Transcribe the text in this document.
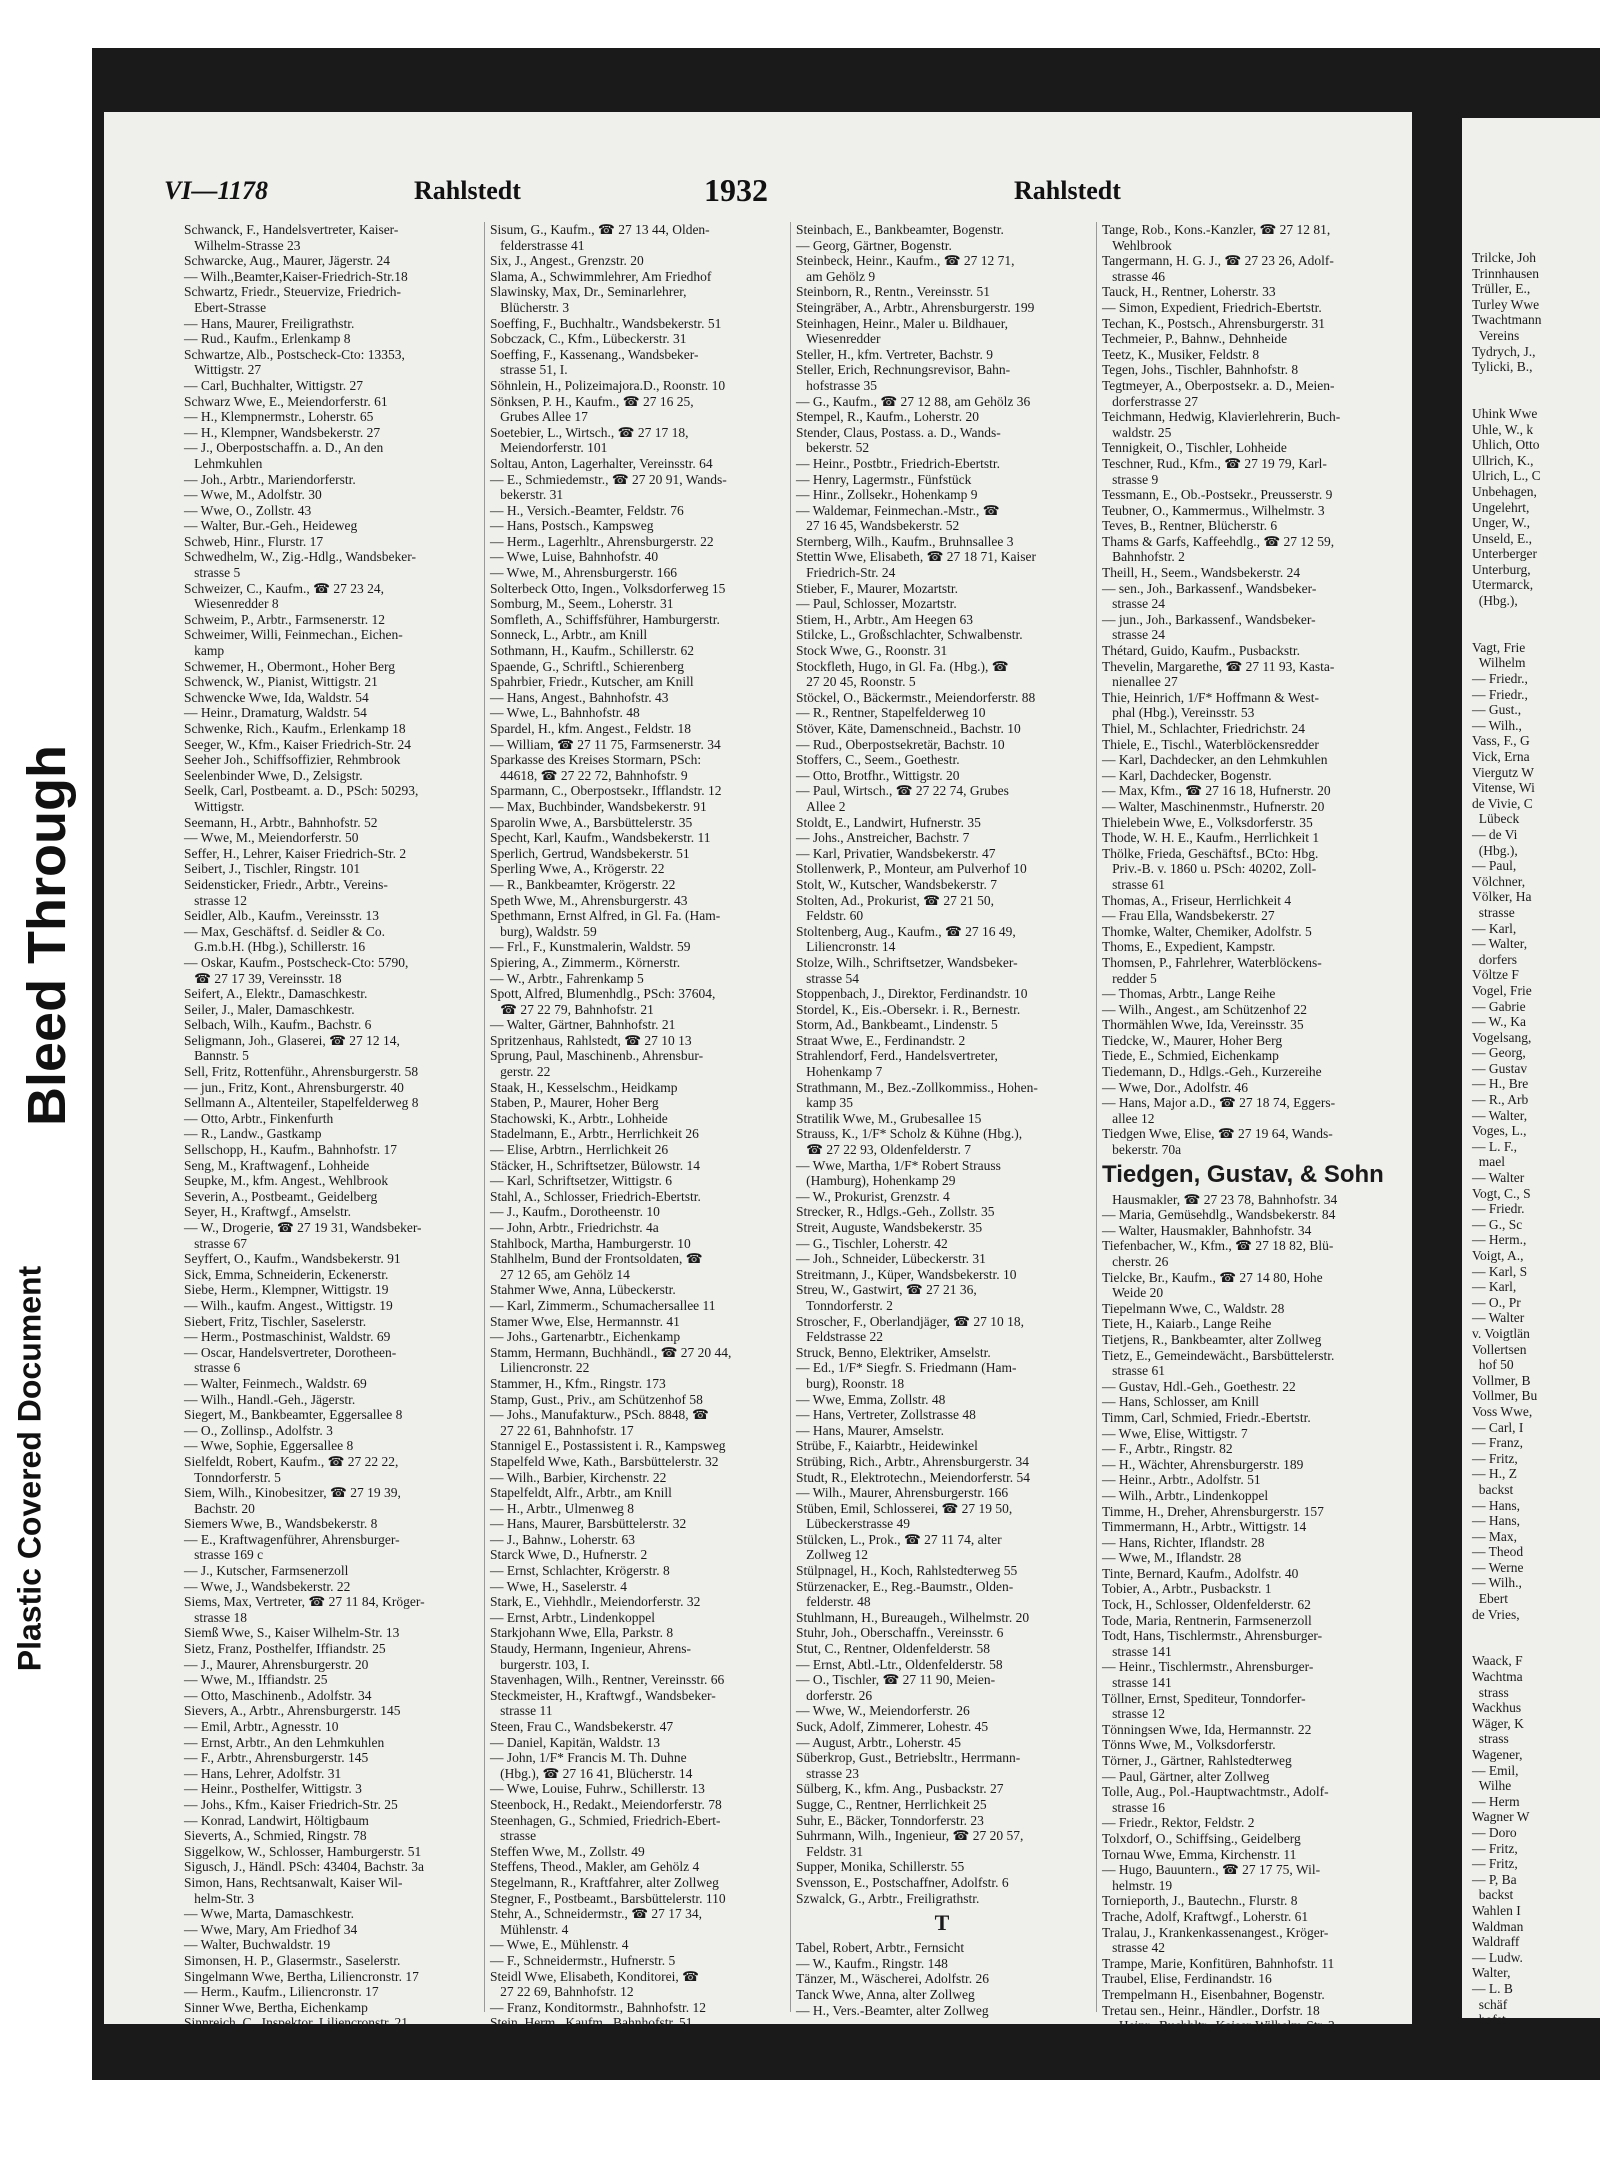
Bleed Through
Plastic Covered Document
VI—1178	Rahlstedt	1932	Rahlstedt
Schwanck, F., Handelsvertreter, Kaiser-
Wilhelm-Strasse 23
Schwarcke, Aug., Maurer, Jägerstr. 24
— Wilh.,Beamter,Kaiser-Friedrich-Str.18
Schwartz, Friedr., Steuervize, Friedrich-
Ebert-Strasse
— Hans, Maurer, Freiligrathstr.
— Rud., Kaufm., Erlenkamp 8
Schwartze, Alb., Postscheck-Cto: 13353,
Wittigstr. 27
— Carl, Buchhalter, Wittigstr. 27
Schwarz Wwe, E., Meiendorferstr. 61
— H., Klempnermstr., Loherstr. 65
— H., Klempner, Wandsbekerstr. 27
— J., Oberpostschaffn. a. D., An den
Lehmkuhlen
— Joh., Arbtr., Mariendorferstr.
— Wwe, M., Adolfstr. 30
— Wwe, O., Zollstr. 43
— Walter, Bur.-Geh., Heideweg
Schweb, Hinr., Flurstr. 17
Schwedhelm, W., Zig.-Hdlg., Wandsbeker-
strasse 5
Schweizer, C., Kaufm., ☎ 27 23 24,
Wiesenredder 8
Schweim, P., Arbtr., Farmsenerstr. 12
Schweimer, Willi, Feinmechan., Eichen-
kamp
Schwemer, H., Obermont., Hoher Berg
Schwenck, W., Pianist, Wittigstr. 21
Schwencke Wwe, Ida, Waldstr. 54
— Heinr., Dramaturg, Waldstr. 54
Schwenke, Rich., Kaufm., Erlenkamp 18
Seeger, W., Kfm., Kaiser Friedrich-Str. 24
Seeher Joh., Schiffsoffizier, Rehmbrook
Seelenbinder Wwe, D., Zelsigstr.
Seelk, Carl, Postbeamt. a. D., PSch: 50293,
Wittigstr.
Seemann, H., Arbtr., Bahnhofstr. 52
— Wwe, M., Meiendorferstr. 50
Seffer, H., Lehrer, Kaiser Friedrich-Str. 2
Seibert, J., Tischler, Ringstr. 101
Seidensticker, Friedr., Arbtr., Vereins-
strasse 12
Seidler, Alb., Kaufm., Vereinsstr. 13
— Max, Geschäftsf. d. Seidler & Co.
G.m.b.H. (Hbg.), Schillerstr. 16
— Oskar, Kaufm., Postscheck-Cto: 5790,
☎ 27 17 39, Vereinsstr. 18
Seifert, A., Elektr., Damaschkestr.
Seiler, J., Maler, Damaschkestr.
Selbach, Wilh., Kaufm., Bachstr. 6
Seligmann, Joh., Glaserei, ☎ 27 12 14,
Bannstr. 5
Sell, Fritz, Rottenführ., Ahrensburgerstr. 58
— jun., Fritz, Kont., Ahrensburgerstr. 40
Sellmann A., Altenteiler, Stapelfelderweg 8
— Otto, Arbtr., Finkenfurth
— R., Landw., Gastkamp
Sellschopp, H., Kaufm., Bahnhofstr. 17
Seng, M., Kraftwagenf., Lohheide
Seupke, M., kfm. Angest., Wehlbrook
Severin, A., Postbeamt., Geidelberg
Seyer, H., Kraftwgf., Amselstr.
— W., Drogerie, ☎ 27 19 31, Wandsbeker-
strasse 67
Seyffert, O., Kaufm., Wandsbekerstr. 91
Sick, Emma, Schneiderin, Eckenerstr.
Siebe, Herm., Klempner, Wittigstr. 19
— Wilh., kaufm. Angest., Wittigstr. 19
Siebert, Fritz, Tischler, Saselerstr.
— Herm., Postmaschinist, Waldstr. 69
— Oscar, Handelsvertreter, Dorotheen-
strasse 6
— Walter, Feinmech., Waldstr. 69
— Wilh., Handl.-Geh., Jägerstr.
Siegert, M., Bankbeamter, Eggersallee 8
— O., Zollinsp., Adolfstr. 3
— Wwe, Sophie, Eggersallee 8
Sielfeldt, Robert, Kaufm., ☎ 27 22 22,
Tonndorferstr. 5
Siem, Wilh., Kinobesitzer, ☎ 27 19 39,
Bachstr. 20
Siemers Wwe, B., Wandsbekerstr. 8
— E., Kraftwagenführer, Ahrensburger-
strasse 169 c
— J., Kutscher, Farmsenerzoll
— Wwe, J., Wandsbekerstr. 22
Siems, Max, Vertreter, ☎ 27 11 84, Kröger-
strasse 18
Siemß Wwe, S., Kaiser Wilhelm-Str. 13
Sietz, Franz, Posthelfer, Iffiandstr. 25
— J., Maurer, Ahrensburgerstr. 20
— Wwe, M., Iffiandstr. 25
— Otto, Maschinenb., Adolfstr. 34
Sievers, A., Arbtr., Ahrensburgerstr. 145
— Emil, Arbtr., Agnesstr. 10
— Ernst, Arbtr., An den Lehmkuhlen
— F., Arbtr., Ahrensburgerstr. 145
— Hans, Lehrer, Adolfstr. 31
— Heinr., Posthelfer, Wittigstr. 3
— Johs., Kfm., Kaiser Friedrich-Str. 25
— Konrad, Landwirt, Höltigbaum
Sieverts, A., Schmied, Ringstr. 78
Siggelkow, W., Schlosser, Hamburgerstr. 51
Sigusch, J., Händl. PSch: 43404, Bachstr. 3a
Simon, Hans, Rechtsanwalt, Kaiser Wil-
helm-Str. 3
— Wwe, Marta, Damaschkestr.
— Wwe, Mary, Am Friedhof 34
— Walter, Buchwaldstr. 19
Simonsen, H. P., Glasermstr., Saselerstr.
Singelmann Wwe, Bertha, Liliencronstr. 17
— Herm., Kaufm., Liliencronstr. 17
Sinner Wwe, Bertha, Eichenkamp
Sinnreich, C., Inspektor, Liliencronstr. 21
Sisum, G., Kaufm., ☎ 27 13 44, Olden-
felderstrasse 41
Six, J., Angest., Grenzstr. 20
Slama, A., Schwimmlehrer, Am Friedhof
Slawinsky, Max, Dr., Seminarlehrer,
Blücherstr. 3
Soeffing, F., Buchhaltr., Wandsbekerstr. 51
Sobczack, C., Kfm., Lübeckerstr. 31
Soeffing, F., Kassenang., Wandsbeker-
strasse 51, I.
Söhnlein, H., Polizeimajora.D., Roonstr. 10
Sönksen, P. H., Kaufm., ☎ 27 16 25,
Grubes Allee 17
Soetebier, L., Wirtsch., ☎ 27 17 18,
Meiendorferstr. 101
Soltau, Anton, Lagerhalter, Vereinsstr. 64
— E., Schmiedemstr., ☎ 27 20 91, Wands-
bekerstr. 31
— H., Versich.-Beamter, Feldstr. 76
— Hans, Postsch., Kampsweg
— Herm., Lagerhltr., Ahrensburgerstr. 22
— Wwe, Luise, Bahnhofstr. 40
— Wwe, M., Ahrensburgerstr. 166
Solterbeck Otto, Ingen., Volksdorferweg 15
Somburg, M., Seem., Loherstr. 31
Somfleth, A., Schiffsführer, Hamburgerstr.
Sonneck, L., Arbtr., am Knill
Sothmann, H., Kaufm., Schillerstr. 62
Spaende, G., Schriftl., Schierenberg
Spahrbier, Friedr., Kutscher, am Knill
— Hans, Angest., Bahnhofstr. 43
— Wwe, L., Bahnhofstr. 48
Spardel, H., kfm. Angest., Feldstr. 18
— William, ☎ 27 11 75, Farmsenerstr. 34
Sparkasse des Kreises Stormarn, PSch:
44618, ☎ 27 22 72, Bahnhofstr. 9
Sparmann, C., Oberpostsekr., Ifflandstr. 12
— Max, Buchbinder, Wandsbekerstr. 91
Sparolin Wwe, A., Barsbüttelerstr. 35
Specht, Karl, Kaufm., Wandsbekerstr. 11
Sperlich, Gertrud, Wandsbekerstr. 51
Sperling Wwe, A., Krögerstr. 22
— R., Bankbeamter, Krögerstr. 22
Speth Wwe, M., Ahrensburgerstr. 43
Spethmann, Ernst Alfred, in Gl. Fa. (Ham-
burg), Waldstr. 59
— Frl., F., Kunstmalerin, Waldstr. 59
Spiering, A., Zimmerm., Körnerstr.
— W., Arbtr., Fahrenkamp 5
Spott, Alfred, Blumenhdlg., PSch: 37604,
☎ 27 22 79, Bahnhofstr. 21
— Walter, Gärtner, Bahnhofstr. 21
Spritzenhaus, Rahlstedt, ☎ 27 10 13
Sprung, Paul, Maschinenb., Ahrensbur-
gerstr. 22
Staak, H., Kesselschm., Heidkamp
Staben, P., Maurer, Hoher Berg
Stachowski, K., Arbtr., Lohheide
Stadelmann, E., Arbtr., Herrlichkeit 26
— Elise, Arbtrn., Herrlichkeit 26
Stäcker, H., Schriftsetzer, Bülowstr. 14
— Karl, Schriftsetzer, Wittigstr. 6
Stahl, A., Schlosser, Friedrich-Ebertstr.
— J., Kaufm., Dorotheenstr. 10
— John, Arbtr., Friedrichstr. 4a
Stahlbock, Martha, Hamburgerstr. 10
Stahlhelm, Bund der Frontsoldaten, ☎
27 12 65, am Gehölz 14
Stahmer Wwe, Anna, Lübeckerstr.
— Karl, Zimmerm., Schumachersallee 11
Stamer Wwe, Else, Hermannstr. 41
— Johs., Gartenarbtr., Eichenkamp
Stamm, Hermann, Buchhändl., ☎ 27 20 44,
Liliencronstr. 22
Stammer, H., Kfm., Ringstr. 173
Stamp, Gust., Priv., am Schützenhof 58
— Johs., Manufakturw., PSch. 8848, ☎
27 22 61, Bahnhofstr. 17
Stannigel E., Postassistent i. R., Kampsweg
Stapelfeld Wwe, Kath., Barsbüttelerstr. 32
— Wilh., Barbier, Kirchenstr. 22
Stapelfeldt, Alfr., Arbtr., am Knill
— H., Arbtr., Ulmenweg 8
— Hans, Maurer, Barsbüttelerstr. 32
— J., Bahnw., Loherstr. 63
Starck Wwe, D., Hufnerstr. 2
— Ernst, Schlachter, Krögerstr. 8
— Wwe, H., Saselerstr. 4
Stark, E., Viehhdlr., Meiendorferstr. 32
— Ernst, Arbtr., Lindenkoppel
Starkjohann Wwe, Ella, Parkstr. 8
Staudy, Hermann, Ingenieur, Ahrens-
burgerstr. 103, I.
Stavenhagen, Wilh., Rentner, Vereinsstr. 66
Steckmeister, H., Kraftwgf., Wandsbeker-
strasse 11
Steen, Frau C., Wandsbekerstr. 47
— Daniel, Kapitän, Waldstr. 13
— John, 1/F* Francis M. Th. Duhne
(Hbg.), ☎ 27 16 41, Blücherstr. 14
— Wwe, Louise, Fuhrw., Schillerstr. 13
Steenbock, H., Redakt., Meiendorferstr. 78
Steenhagen, G., Schmied, Friedrich-Ebert-
strasse
Steffen Wwe, M., Zollstr. 49
Steffens, Theod., Makler, am Gehölz 4
Stegelmann, R., Kraftfahrer, alter Zollweg
Stegner, F., Postbeamt., Barsbüttelerstr. 110
Stehr, A., Schneidermstr., ☎ 27 17 34,
Mühlenstr. 4
— Wwe, E., Mühlenstr. 4
— F., Schneidermstr., Hufnerstr. 5
Steidl Wwe, Elisabeth, Konditorei, ☎
27 22 69, Bahnhofstr. 12
— Franz, Konditormstr., Bahnhofstr. 12
Stein, Herm., Kaufm., Bahnhofstr. 51
Steinbach, E., Bankbeamter, Bogenstr.
— Georg, Gärtner, Bogenstr.
Steinbeck, Heinr., Kaufm., ☎ 27 12 71,
am Gehölz 9
Steinborn, R., Rentn., Vereinsstr. 51
Steingräber, A., Arbtr., Ahrensburgerstr. 199
Steinhagen, Heinr., Maler u. Bildhauer,
Wiesenredder
Steller, H., kfm. Vertreter, Bachstr. 9
Steller, Erich, Rechnungsrevisor, Bahn-
hofstrasse 35
— G., Kaufm., ☎ 27 12 88, am Gehölz 36
Stempel, R., Kaufm., Loherstr. 20
Stender, Claus, Postass. a. D., Wands-
bekerstr. 52
— Heinr., Postbtr., Friedrich-Ebertstr.
— Henry, Lagermstr., Fünfstück
— Hinr., Zollsekr., Hohenkamp 9
— Waldemar, Feinmechan.-Mstr., ☎
27 16 45, Wandsbekerstr. 52
Sternberg, Wilh., Kaufm., Bruhnsallee 3
Stettin Wwe, Elisabeth, ☎ 27 18 71, Kaiser
Friedrich-Str. 24
Stieber, F., Maurer, Mozartstr.
— Paul, Schlosser, Mozartstr.
Stiem, H., Arbtr., Am Heegen 63
Stilcke, L., Großschlachter, Schwalbenstr.
Stock Wwe, G., Roonstr. 31
Stockfleth, Hugo, in Gl. Fa. (Hbg.), ☎
27 20 45, Roonstr. 5
Stöckel, O., Bäckermstr., Meiendorferstr. 88
— R., Rentner, Stapelfelderweg 10
Stöver, Käte, Damenschneid., Bachstr. 10
— Rud., Oberpostsekretär, Bachstr. 10
Stoffers, C., Seem., Goethestr.
— Otto, Brotfhr., Wittigstr. 20
— Paul, Wirtsch., ☎ 27 22 74, Grubes
Allee 2
Stoldt, E., Landwirt, Hufnerstr. 35
— Johs., Anstreicher, Bachstr. 7
— Karl, Privatier, Wandsbekerstr. 47
Stollenwerk, P., Monteur, am Pulverhof 10
Stolt, W., Kutscher, Wandsbekerstr. 7
Stolten, Ad., Prokurist, ☎ 27 21 50,
Feldstr. 60
Stoltenberg, Aug., Kaufm., ☎ 27 16 49,
Liliencronstr. 14
Stolze, Wilh., Schriftsetzer, Wandsbeker-
strasse 54
Stoppenbach, J., Direktor, Ferdinandstr. 10
Stordel, K., Eis.-Obersekr. i. R., Bernestr.
Storm, Ad., Bankbeamt., Lindenstr. 5
Straat Wwe, E., Ferdinandstr. 2
Strahlendorf, Ferd., Handelsvertreter,
Hohenkamp 7
Strathmann, M., Bez.-Zollkommiss., Hohen-
kamp 35
Stratilik Wwe, M., Grubesallee 15
Strauss, K., 1/F* Scholz & Kühne (Hbg.),
☎ 27 22 93, Oldenfelderstr. 7
— Wwe, Martha, 1/F* Robert Strauss
(Hamburg), Hohenkamp 29
— W., Prokurist, Grenzstr. 4
Strecker, R., Hdlgs.-Geh., Zollstr. 35
Streit, Auguste, Wandsbekerstr. 35
— G., Tischler, Loherstr. 42
— Joh., Schneider, Lübeckerstr. 31
Streitmann, J., Küper, Wandsbekerstr. 10
Streu, W., Gastwirt, ☎ 27 21 36,
Tonndorferstr. 2
Stroscher, F., Oberlandjäger, ☎ 27 10 18,
Feldstrasse 22
Struck, Benno, Elektriker, Amselstr.
— Ed., 1/F* Siegfr. S. Friedmann (Ham-
burg), Roonstr. 18
— Wwe, Emma, Zollstr. 48
— Hans, Vertreter, Zollstrasse 48
— Hans, Maurer, Amselstr.
Strübe, F., Kaiarbtr., Heidewinkel
Strübing, Rich., Arbtr., Ahrensburgerstr. 34
Studt, R., Elektrotechn., Meiendorferstr. 54
— Wilh., Maurer, Ahrensburgerstr. 166
Stüben, Emil, Schlosserei, ☎ 27 19 50,
Lübeckerstrasse 49
Stülcken, L., Prok., ☎ 27 11 74, alter
Zollweg 12
Stülpnagel, H., Koch, Rahlstedterweg 55
Stürzenacker, E., Reg.-Baumstr., Olden-
felderstr. 48
Stuhlmann, H., Bureaugeh., Wilhelmstr. 20
Stuhr, Joh., Oberschaffn., Vereinsstr. 6
Stut, C., Rentner, Oldenfelderstr. 58
— Ernst, Abtl.-Ltr., Oldenfelderstr. 58
— O., Tischler, ☎ 27 11 90, Meien-
dorferstr. 26
— Wwe, W., Meiendorferstr. 26
Suck, Adolf, Zimmerer, Lohestr. 45
— August, Arbtr., Loherstr. 45
Süberkrop, Gust., Betriebsltr., Herrmann-
strasse 23
Sülberg, K., kfm. Ang., Pusbackstr. 27
Sugge, C., Rentner, Herrlichkeit 25
Suhr, E., Bäcker, Tonndorferstr. 23
Suhrmann, Wilh., Ingenieur, ☎ 27 20 57,
Feldstr. 31
Supper, Monika, Schillerstr. 55
Svensson, E., Postschaffner, Adolfstr. 6
Szwalck, G., Arbtr., Freiligrathstr.
T
Tabel, Robert, Arbtr., Fernsicht
— W., Kaufm., Ringstr. 148
Tänzer, M., Wäscherei, Adolfstr. 26
Tanck Wwe, Anna, alter Zollweg
— H., Vers.-Beamter, alter Zollweg
Tange, Rob., Kons.-Kanzler, ☎ 27 12 81,
Wehlbrook
Tangermann, H. G. J., ☎ 27 23 26, Adolf-
strasse 46
Tauck, H., Rentner, Loherstr. 33
— Simon, Expedient, Friedrich-Ebertstr.
Techan, K., Postsch., Ahrensburgerstr. 31
Techmeier, P., Bahnw., Dehnheide
Teetz, K., Musiker, Feldstr. 8
Tegen, Johs., Tischler, Bahnhofstr. 8
Tegtmeyer, A., Oberpostsekr. a. D., Meien-
dorferstrasse 27
Teichmann, Hedwig, Klavierlehrerin, Buch-
waldstr. 25
Tennigkeit, O., Tischler, Lohheide
Teschner, Rud., Kfm., ☎ 27 19 79, Karl-
strasse 9
Tessmann, E., Ob.-Postsekr., Preusserstr. 9
Teubner, O., Kammermus., Wilhelmstr. 3
Teves, B., Rentner, Blücherstr. 6
Thams & Garfs, Kaffeehdlg., ☎ 27 12 59,
Bahnhofstr. 2
Theill, H., Seem., Wandsbekerstr. 24
— sen., Joh., Barkassenf., Wandsbeker-
strasse 24
— jun., Joh., Barkassenf., Wandsbeker-
strasse 24
Thétard, Guido, Kaufm., Pusbackstr.
Thevelin, Margarethe, ☎ 27 11 93, Kasta-
nienallee 27
Thie, Heinrich, 1/F* Hoffmann & West-
phal (Hbg.), Vereinsstr. 53
Thiel, M., Schlachter, Friedrichstr. 24
Thiele, E., Tischl., Waterblöckensredder
— Karl, Dachdecker, an den Lehmkuhlen
— Karl, Dachdecker, Bogenstr.
— Max, Kfm., ☎ 27 16 18, Hufnerstr. 20
— Walter, Maschinenmstr., Hufnerstr. 20
Thielebein Wwe, E., Volksdorferstr. 35
Thode, W. H. E., Kaufm., Herrlichkeit 1
Thölke, Frieda, Geschäftsf., BCto: Hbg.
Priv.-B. v. 1860 u. PSch: 40202, Zoll-
strasse 61
Thomas, A., Friseur, Herrlichkeit 4
— Frau Ella, Wandsbekerstr. 27
Thomke, Walter, Chemiker, Adolfstr. 5
Thoms, E., Expedient, Kampstr.
Thomsen, P., Fahrlehrer, Waterblöckens-
redder 5
— Thomas, Arbtr., Lange Reihe
— Wilh., Angest., am Schützenhof 22
Thormählen Wwe, Ida, Vereinsstr. 35
Tiedcke, W., Maurer, Hoher Berg
Tiede, E., Schmied, Eichenkamp
Tiedemann, D., Hdlgs.-Geh., Kurzereihe
— Wwe, Dor., Adolfstr. 46
— Hans, Major a.D., ☎ 27 18 74, Eggers-
allee 12
Tiedgen Wwe, Elise, ☎ 27 19 64, Wands-
bekerstr. 70a
Tiedgen, Gustav, & Sohn
Hausmakler, ☎ 27 23 78, Bahnhofstr. 34
— Maria, Gemüsehdlg., Wandsbekerstr. 84
— Walter, Hausmakler, Bahnhofstr. 34
Tiefenbacher, W., Kfm., ☎ 27 18 82, Blü-
cherstr. 26
Tielcke, Br., Kaufm., ☎ 27 14 80, Hohe
Weide 20
Tiepelmann Wwe, C., Waldstr. 28
Tiete, H., Kaiarb., Lange Reihe
Tietjens, R., Bankbeamter, alter Zollweg
Tietz, E., Gemeindewächt., Barsbüttelerstr.
strasse 61
— Gustav, Hdl.-Geh., Goethestr. 22
— Hans, Schlosser, am Knill
Timm, Carl, Schmied, Friedr.-Ebertstr.
— Wwe, Elise, Wittigstr. 7
— F., Arbtr., Ringstr. 82
— H., Wächter, Ahrensburgerstr. 189
— Heinr., Arbtr., Adolfstr. 51
— Wilh., Arbtr., Lindenkoppel
Timme, H., Dreher, Ahrensburgerstr. 157
Timmermann, H., Arbtr., Wittigstr. 14
— Hans, Richter, Iflandstr. 28
— Wwe, M., Iflandstr. 28
Tinte, Bernard, Kaufm., Adolfstr. 40
Tobier, A., Arbtr., Pusbackstr. 1
Tock, H., Schlosser, Oldenfelderstr. 62
Tode, Maria, Rentnerin, Farmsenerzoll
Todt, Hans, Tischlermstr., Ahrensburger-
strasse 141
— Heinr., Tischlermstr., Ahrensburger-
strasse 141
Töllner, Ernst, Spediteur, Tonndorfer-
strasse 12
Tönningsen Wwe, Ida, Hermannstr. 22
Tönns Wwe, M., Volksdorferstr.
Törner, J., Gärtner, Rahlstedterweg
— Paul, Gärtner, alter Zollweg
Tolle, Aug., Pol.-Hauptwachtmstr., Adolf-
strasse 16
— Friedr., Rektor, Feldstr. 2
Tolxdorf, O., Schiffsing., Geidelberg
Tornau Wwe, Emma, Kirchenstr. 11
— Hugo, Bauuntern., ☎ 27 17 75, Wil-
helmstr. 19
Tornieporth, J., Bautechn., Flurstr. 8
Trache, Adolf, Kraftwgf., Loherstr. 61
Tralau, J., Krankenkassenangest., Kröger-
strasse 42
Trampe, Marie, Konfitüren, Bahnhofstr. 11
Traubel, Elise, Ferdinandstr. 16
Trempelmann H., Eisenbahner, Bogenstr.
Tretau sen., Heinr., Händler., Dorfstr. 18
— Heinr., Buchhltr., Kaiser-Wilhelm-Str. 2
Trilcke, Joh
Trinnhausen
Trüller, E.,
Turley Wwe
Twachtmann
Vereins
Tydrych, J.,
Tylicki, B.,

Uhink Wwe
Uhle, W., k
Uhlich, Otto
Ullrich, K.,
Ulrich, L., C
Unbehagen,
Ungelehrt,
Unger, W.,
Unseld, E.,
Unterberger
Unterburg,
Utermarck,
(Hbg.),

Vagt, Frie
Wilhelm
— Friedr.,
— Friedr.,
— Gust.,
— Wilh.,
Vass, F., G
Vick, Erna
Viergutz W
Vitense, Wi
de Vivie, C
Lübeck
— de Vi
(Hbg.),
— Paul,
Völchner,
Völker, Ha
strasse
— Karl,
— Walter,
dorfers
Völtze F
Vogel, Frie
— Gabrie
— W., Ka
Vogelsang,
— Georg,
— Gustav
— H., Bre
— R., Arb
— Walter,
Voges, L.,
— L. F.,
mael
— Walter
Vogt, C., S
— Friedr.
— G., Sc
— Herm.,
Voigt, A.,
— Karl, S
— Karl,
— O., Pr
— Walter
v. Voigtlän
Vollertsen
hof 50
Vollmer, B
Vollmer, Bu
Voss Wwe,
— Carl, I
— Franz,
— Fritz,
— H., Z
backst
— Hans,
— Hans,
— Max,
— Theod
— Werne
— Wilh.,
Ebert
de Vries,

Waack, F
Wachtma
strass
Wackhus
Wäger, K
strass
Wagener,
— Emil,
Wilhe
— Herm
Wagner W
— Doro
— Fritz,
— Fritz,
— P, Ba
backst
Wahlen I
Waldman
Waldraff
— Ludw.
Walter,
— L. B
schäf
hofst
